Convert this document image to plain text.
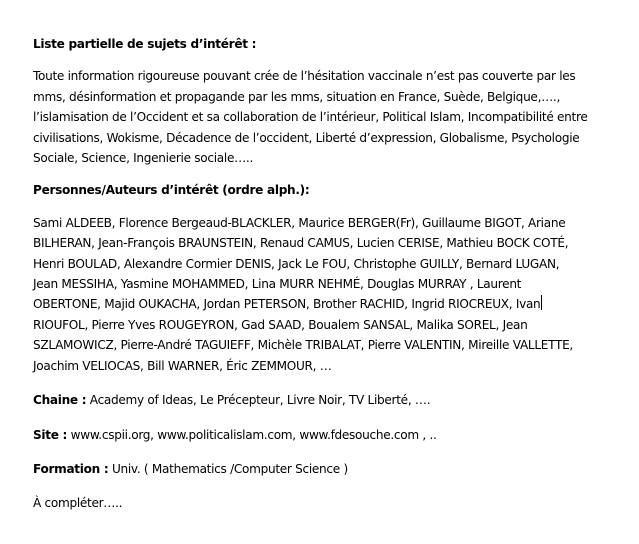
Liste partielle de sujets d’intérêt :
Toute information rigoureuse pouvant crée de l’hésitation vaccinale n’est pas couverte par les
mms, désinformation et propagande par les mms, situation en France, Suède, Belgique,….,
l’islamisation de l’Occident et sa collaboration de l’intérieur, Political Islam, Incompatibilité entre
civilisations, Wokisme, Décadence de l’occident, Liberté d’expression, Globalisme, Psychologie
Sociale, Science, Ingenierie sociale…..
Personnes/Auteurs d’intérêt (ordre alph.):
Sami ALDEEB, Florence Bergeaud-BLACKLER, Maurice BERGER(Fr), Guillaume BIGOT, Ariane
BILHERAN, Jean-François BRAUNSTEIN, Renaud CAMUS, Lucien CERISE, Mathieu BOCK COTÉ,
Henri BOULAD, Alexandre Cormier DENIS, Jack Le FOU, Christophe GUILLY, Bernard LUGAN,
Jean MESSIHA, Yasmine MOHAMMED, Lina MURR NEHMÉ, Douglas MURRAY , Laurent
OBERTONE, Majid OUKACHA, Jordan PETERSON, Brother RACHID, Ingrid RIOCREUX, Ivan
RIOUFOL, Pierre Yves ROUGEYRON, Gad SAAD, Boualem SANSAL, Malika SOREL, Jean
SZLAMOWICZ, Pierre-André TAGUIEFF, Michèle TRIBALAT, Pierre VALENTIN, Mireille VALLETTE,
Joachim VELIOCAS, Bill WARNER, Éric ZEMMOUR, …
Chaine : Academy of Ideas, Le Précepteur, Livre Noir, TV Liberté, ….
Site : www.cspii.org, www.politicalislam.com, www.fdesouche.com , ..
Formation : Univ. ( Mathematics /Computer Science )
À compléter…..
